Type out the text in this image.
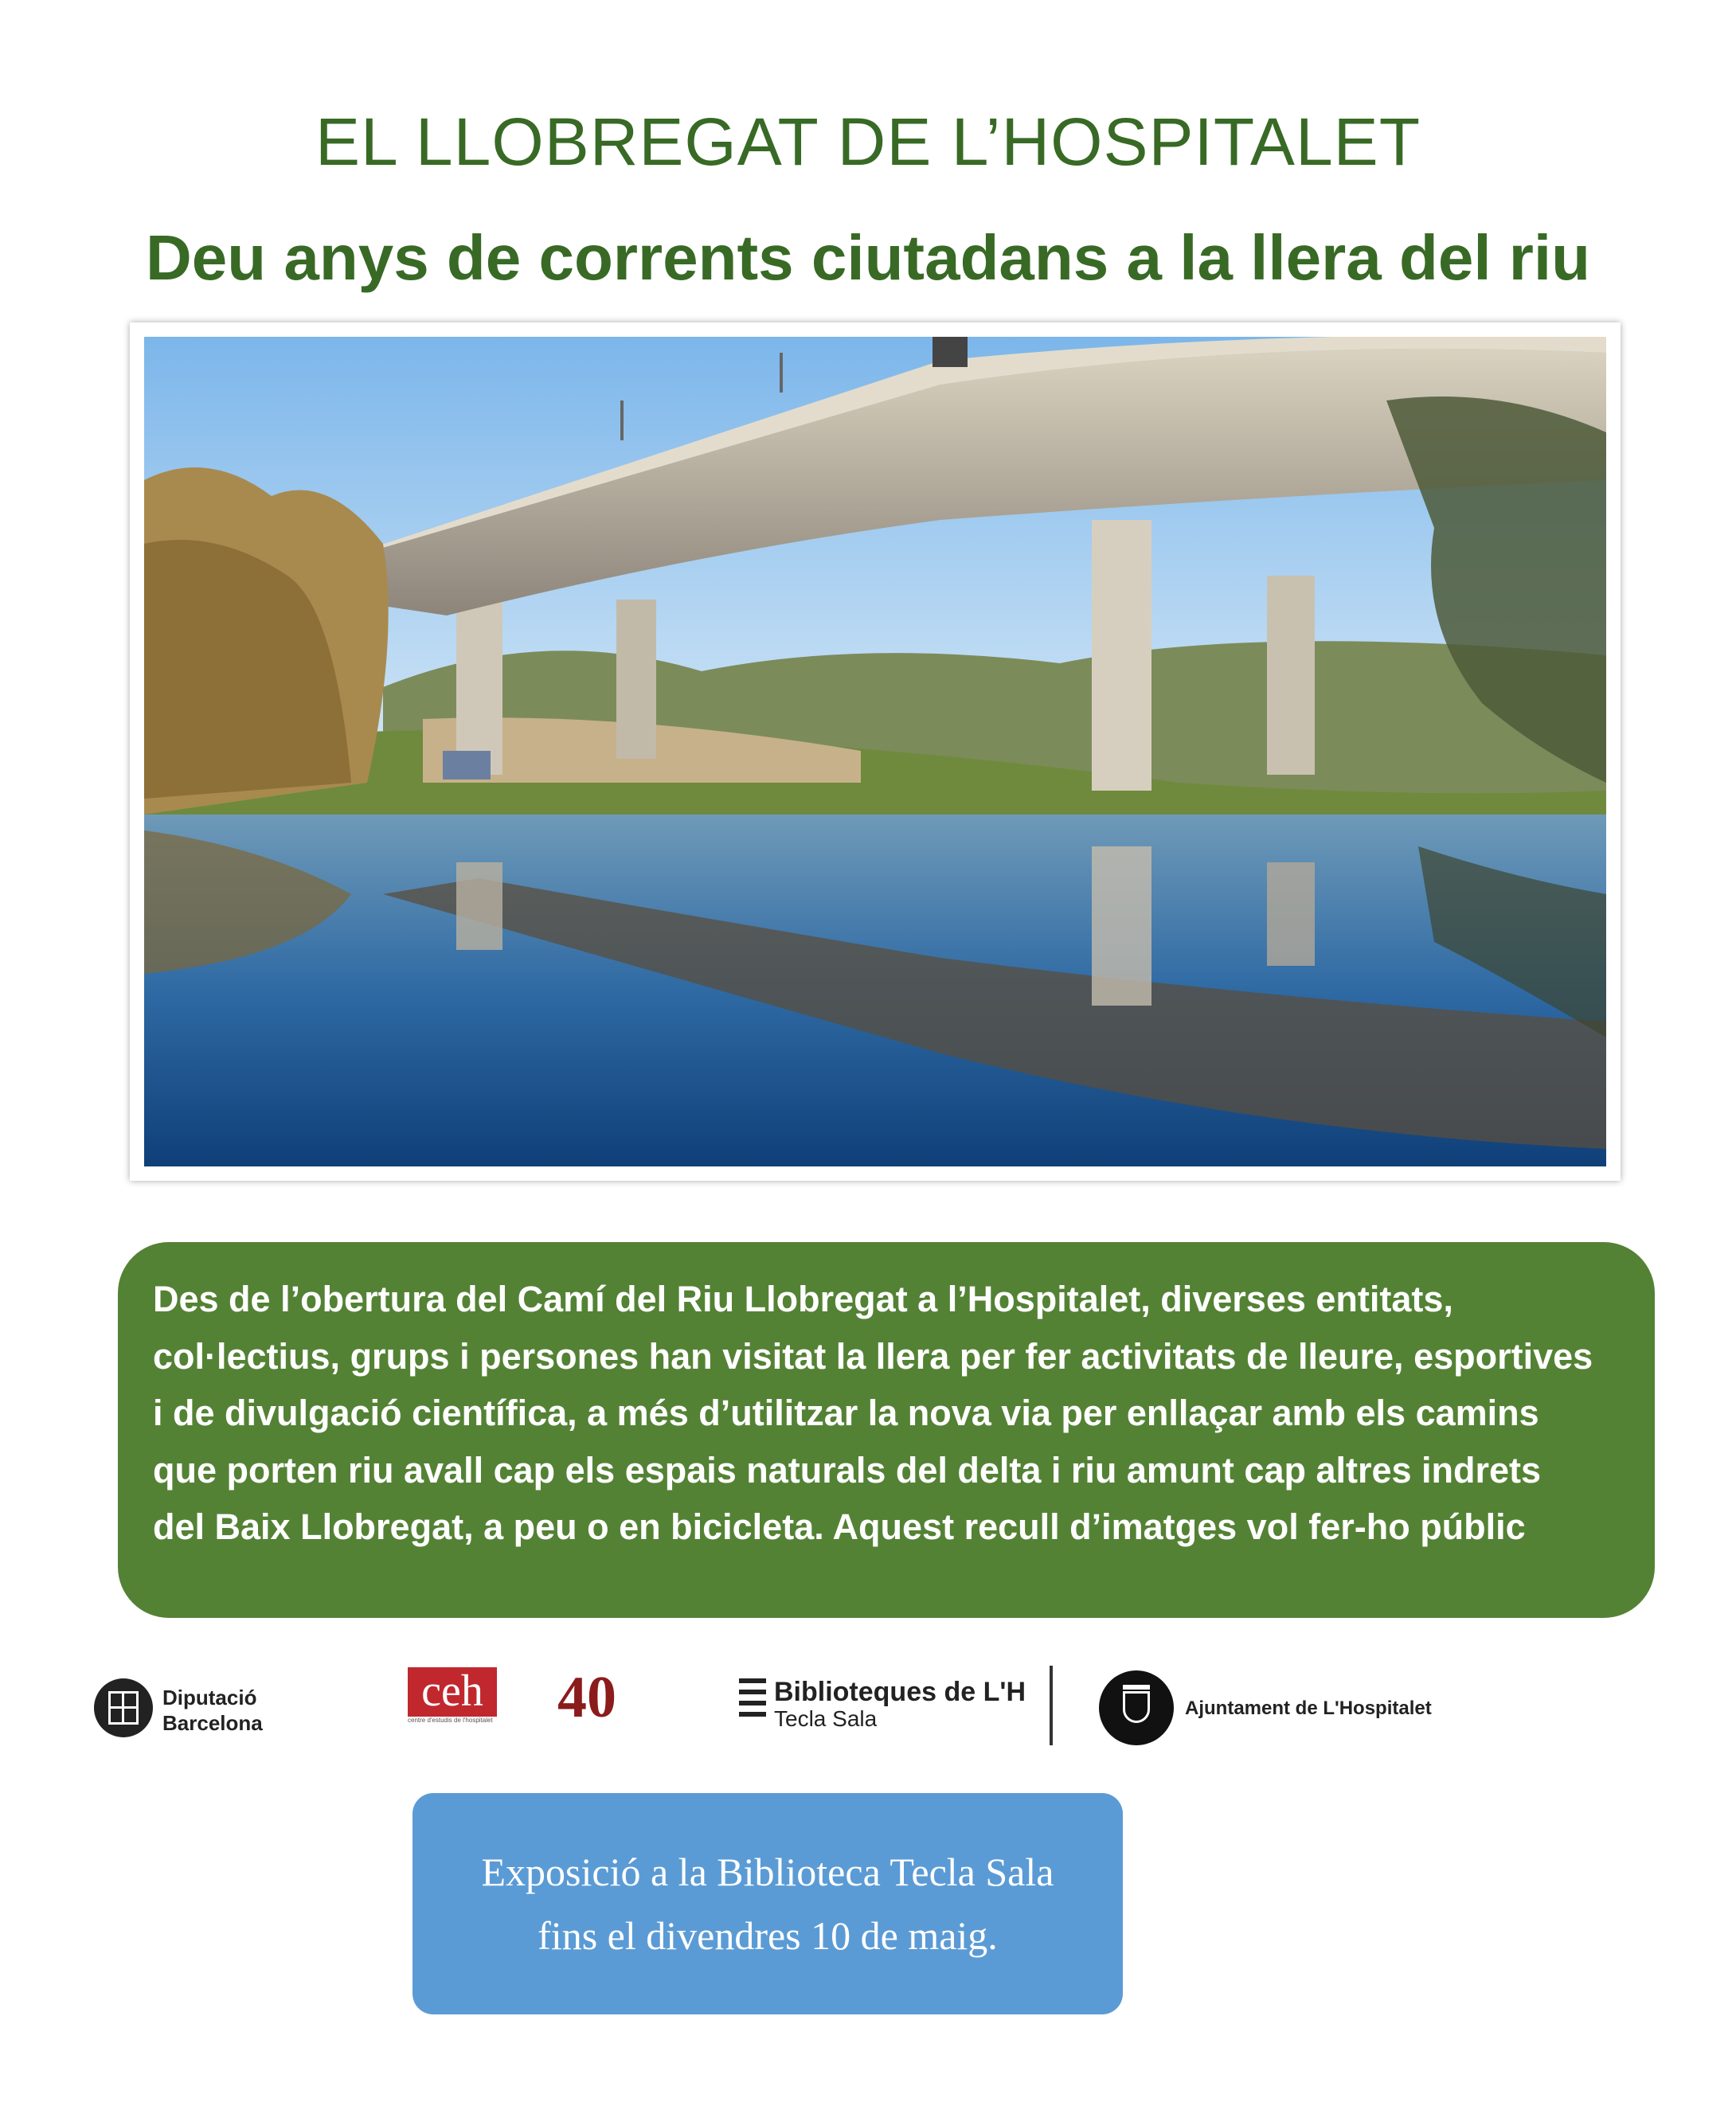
EL LLOBREGAT DE L’HOSPITALET
Deu anys de corrents ciutadans a la llera del riu

Des de l’obertura del Camí del Riu Llobregat a l’Hospitalet, diverses entitats, col·lectius, grups i persones han visitat la llera per fer activitats de lleure, esportives i de divulgació científica, a més d’utilitzar la nova via per enllaçar amb els camins que porten riu avall cap els espais naturals del delta i riu amunt cap altres indrets del Baix Llobregat, a peu o en bicicleta. Aquest recull d’imatges vol fer-ho públic

Diputació
Barcelona
ceh
centre d'estudis de l'hospitalet 40	Biblioteques de L'H
Tecla Sala	Ajuntament de L'Hospitalet
Exposició a la Biblioteca Tecla Sala
fins el divendres 10 de maig.
